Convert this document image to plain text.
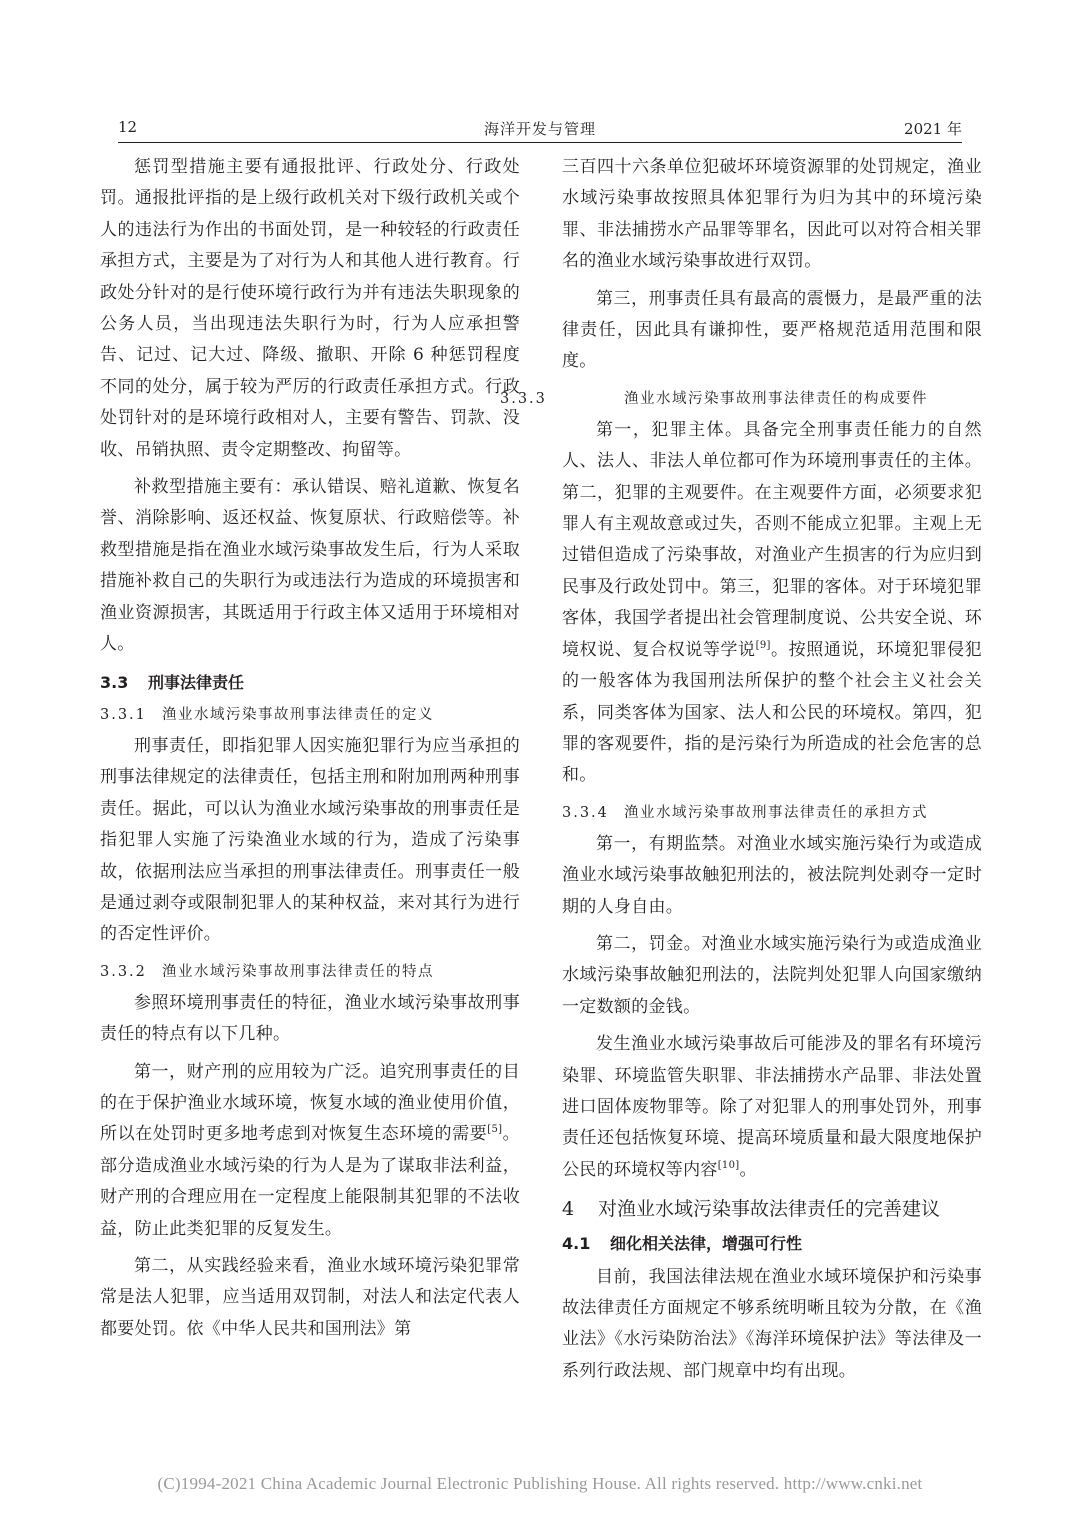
12	海洋开发与管理	2021 年

惩罚型措施主要有通报批评、行政处分、行政处罚。通报批评指的是上级行政机关对下级行政机关或个人的违法行为作出的书面处罚，是一种较轻的行政责任承担方式，主要是为了对行为人和其他人进行教育。行政处分针对的是行使环境行政行为并有违法失职现象的公务人员，当出现违法失职行为时，行为人应承担警告、记过、记大过、降级、撤职、开除 6 种惩罚程度不同的处分，属于较为严厉的行政责任承担方式。行政处罚针对的是环境行政相对人，主要有警告、罚款、没收、吊销执照、责令定期整改、拘留等。

补救型措施主要有：承认错误、赔礼道歉、恢复名誉、消除影响、返还权益、恢复原状、行政赔偿等。补救型措施是指在渔业水域污染事故发生后，行为人采取措施补救自己的失职行为或违法行为造成的环境损害和渔业资源损害，其既适用于行政主体又适用于环境相对人。

3.3 刑事法律责任
3.3.1 渔业水域污染事故刑事法律责任的定义

刑事责任，即指犯罪人因实施犯罪行为应当承担的刑事法律规定的法律责任，包括主刑和附加刑两种刑事责任。据此，可以认为渔业水域污染事故的刑事责任是指犯罪人实施了污染渔业水域的行为，造成了污染事故，依据刑法应当承担的刑事法律责任。刑事责任一般是通过剥夺或限制犯罪人的某种权益，来对其行为进行的否定性评价。

3.3.2 渔业水域污染事故刑事法律责任的特点

参照环境刑事责任的特征，渔业水域污染事故刑事责任的特点有以下几种。

第一，财产刑的应用较为广泛。追究刑事责任的目的在于保护渔业水域环境，恢复水域的渔业使用价值，所以在处罚时更多地考虑到对恢复生态环境的需要[5]。部分造成渔业水域污染的行为人是为了谋取非法利益，财产刑的合理应用在一定程度上能限制其犯罪的不法收益，防止此类犯罪的反复发生。

第二，从实践经验来看，渔业水域环境污染犯罪常常是法人犯罪，应当适用双罚制，对法人和法定代表人都要处罚。依《中华人民共和国刑法》第

三百四十六条单位犯破坏环境资源罪的处罚规定，渔业水域污染事故按照具体犯罪行为归为其中的环境污染罪、非法捕捞水产品罪等罪名，因此可以对符合相关罪名的渔业水域污染事故进行双罚。

第三，刑事责任具有最高的震慑力，是最严重的法律责任，因此具有谦抑性，要严格规范适用范围和限度。

3.3.3	渔业水域污染事故刑事法律责任的构成要件

第一，犯罪主体。具备完全刑事责任能力的自然人、法人、非法人单位都可作为环境刑事责任的主体。第二，犯罪的主观要件。在主观要件方面，必须要求犯罪人有主观故意或过失，否则不能成立犯罪。主观上无过错但造成了污染事故，对渔业产生损害的行为应归到民事及行政处罚中。第三，犯罪的客体。对于环境犯罪客体，我国学者提出社会管理制度说、公共安全说、环境权说、复合权说等学说[9]。按照通说，环境犯罪侵犯的一般客体为我国刑法所保护的整个社会主义社会关系，同类客体为国家、法人和公民的环境权。第四，犯罪的客观要件，指的是污染行为所造成的社会危害的总和。

3.3.4 渔业水域污染事故刑事法律责任的承担方式

第一，有期监禁。对渔业水域实施污染行为或造成渔业水域污染事故触犯刑法的，被法院判处剥夺一定时期的人身自由。

第二，罚金。对渔业水域实施污染行为或造成渔业水域污染事故触犯刑法的，法院判处犯罪人向国家缴纳一定数额的金钱。

发生渔业水域污染事故后可能涉及的罪名有环境污染罪、环境监管失职罪、非法捕捞水产品罪、非法处置进口固体废物罪等。除了对犯罪人的刑事处罚外，刑事责任还包括恢复环境、提高环境质量和最大限度地保护公民的环境权等内容[10]。

4 对渔业水域污染事故法律责任的完善建议
4.1 细化相关法律，增强可行性

目前，我国法律法规在渔业水域环境保护和污染事故法律责任方面规定不够系统明晰且较为分散，在《渔业法》《水污染防治法》《海洋环境保护法》等法律及一系列行政法规、部门规章中均有出现。

(C)1994-2021 China Academic Journal Electronic Publishing House. All rights reserved. http://www.cnki.net
